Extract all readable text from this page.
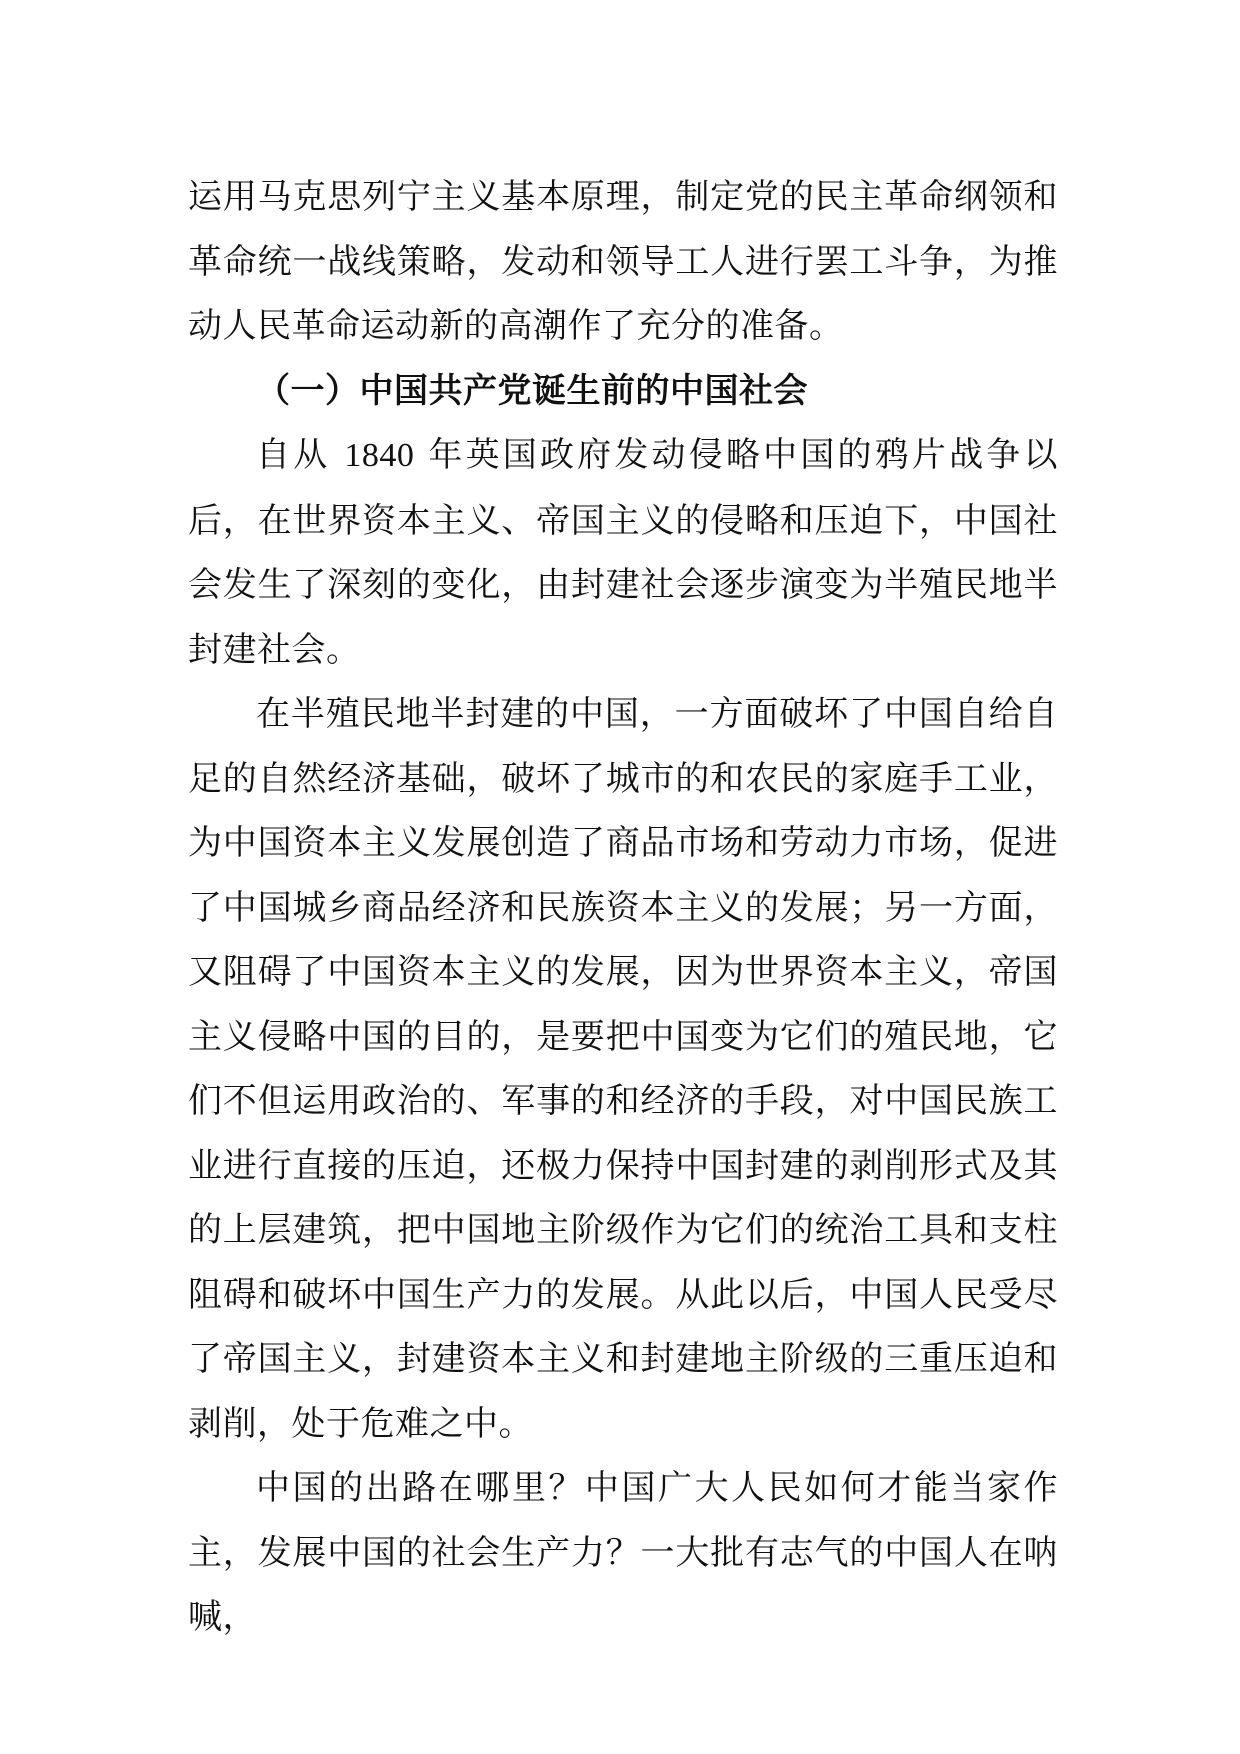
运用马克思列宁主义基本原理，制定党的民主革命纲领和革命统一战线策略，发动和领导工人进行罢工斗争，为推动人民革命运动新的高潮作了充分的准备。

（一）中国共产党诞生前的中国社会

自从 1840 年英国政府发动侵略中国的鸦片战争以后，在世界资本主义、帝国主义的侵略和压迫下，中国社会发生了深刻的变化，由封建社会逐步演变为半殖民地半封建社会。

在半殖民地半封建的中国，一方面破坏了中国自给自足的自然经济基础，破坏了城市的和农民的家庭手工业，为中国资本主义发展创造了商品市场和劳动力市场，促进了中国城乡商品经济和民族资本主义的发展；另一方面，又阻碍了中国资本主义的发展，因为世界资本主义，帝国主义侵略中国的目的，是要把中国变为它们的殖民地，它们不但运用政治的、军事的和经济的手段，对中国民族工业进行直接的压迫，还极力保持中国封建的剥削形式及其的上层建筑，把中国地主阶级作为它们的统治工具和支柱阻碍和破坏中国生产力的发展。从此以后，中国人民受尽了帝国主义，封建资本主义和封建地主阶级的三重压迫和剥削，处于危难之中。

中国的出路在哪里？中国广大人民如何才能当家作主，发展中国的社会生产力？一大批有志气的中国人在呐喊，
